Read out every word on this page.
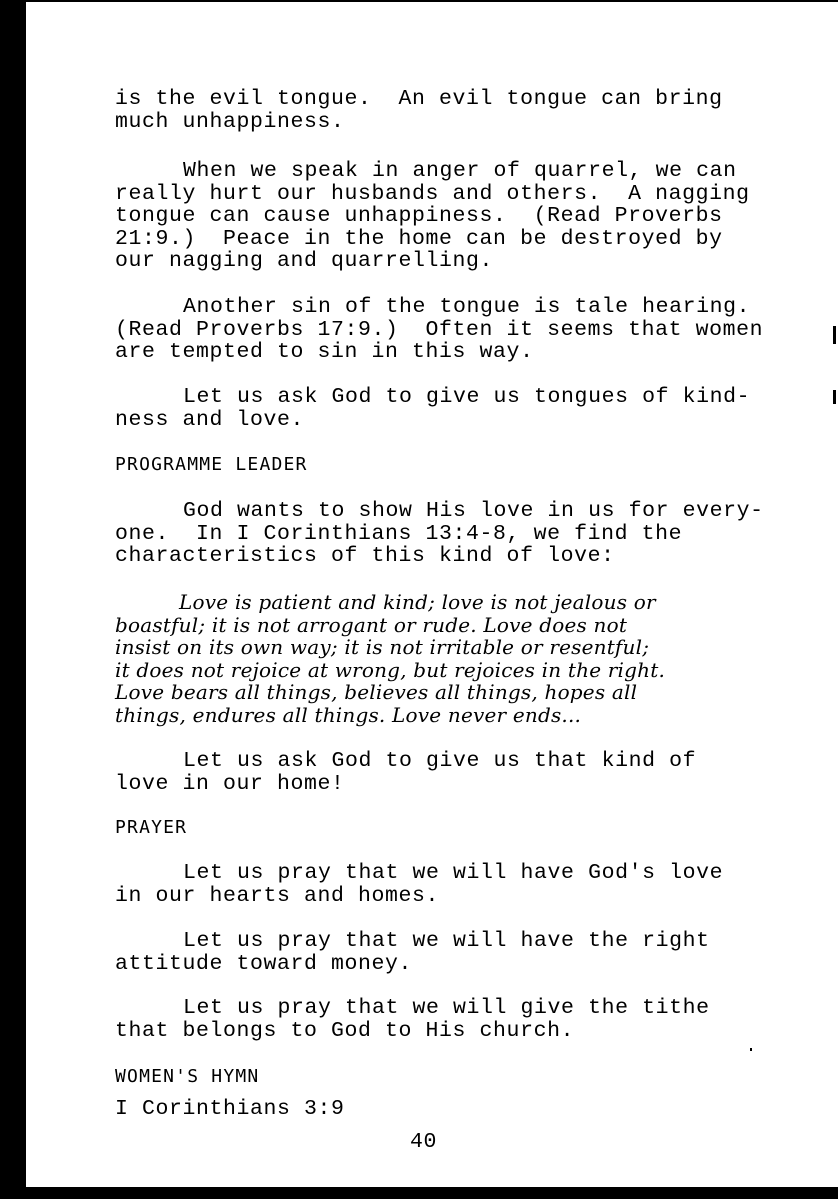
is the evil tongue.  An evil tongue can bring
much unhappiness.

When we speak in anger of quarrel, we can
really hurt our husbands and others.  A nagging
tongue can cause unhappiness.  (Read Proverbs
21:9.)  Peace in the home can be destroyed by
our nagging and quarrelling.

Another sin of the tongue is tale hearing.
(Read Proverbs 17:9.)  Often it seems that women
are tempted to sin in this way.

Let us ask God to give us tongues of kind-
ness and love.

PROGRAMME LEADER

God wants to show His love in us for every-
one.  In I Corinthians 13:4-8, we find the
characteristics of this kind of love:

Love is patient and kind; love is not jealous or
boastful; it is not arrogant or rude. Love does not
insist on its own way; it is not irritable or resentful;
it does not rejoice at wrong, but rejoices in the right.
Love bears all things, believes all things, hopes all
things, endures all things. Love never ends...

Let us ask God to give us that kind of
love in our home!

PRAYER

Let us pray that we will have God's love
in our hearts and homes.

Let us pray that we will have the right
attitude toward money.

Let us pray that we will give the tithe
that belongs to God to His church.

WOMEN'S HYMN

I Corinthians 3:9

40
